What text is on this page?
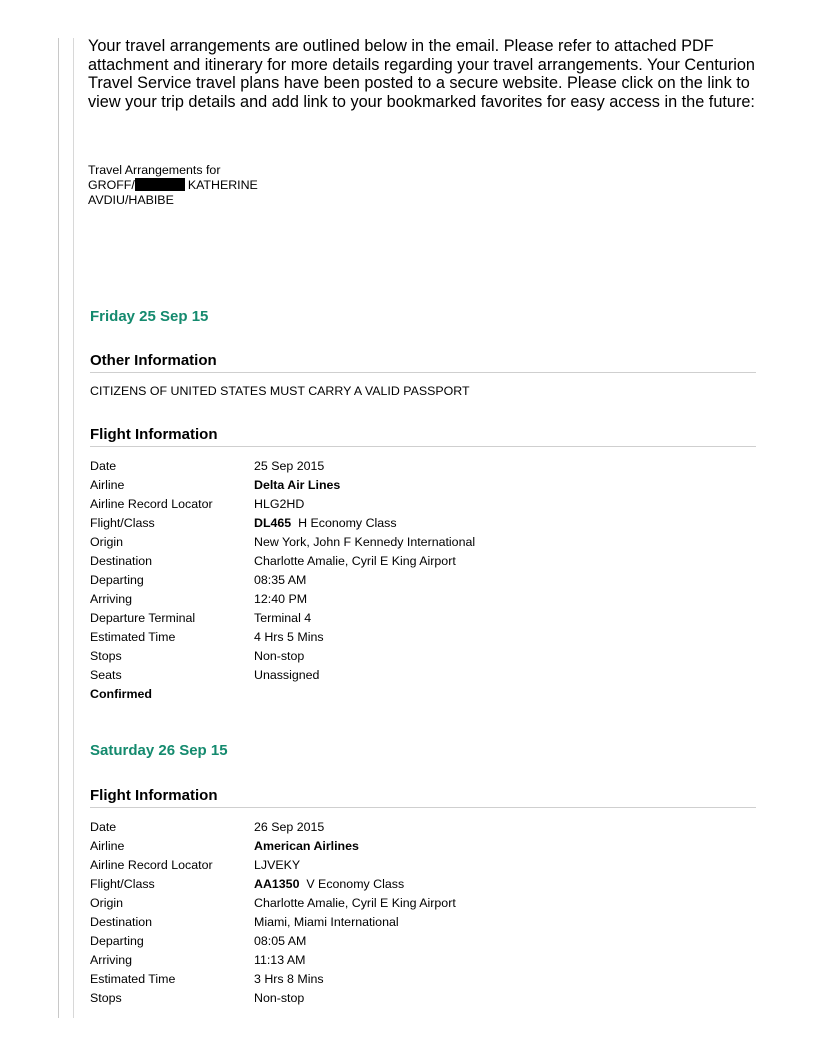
Your travel arrangements are outlined below in the email. Please refer to attached PDF attachment and itinerary for more details regarding your travel arrangements. Your Centurion Travel Service travel plans have been posted to a secure website. Please click on the link to view your trip details and add link to your bookmarked favorites for easy access in the future:
Travel Arrangements for
GROFF/	KATHERINE
AVDIU/HABIBE
Friday 25 Sep 15
Other Information
CITIZENS OF UNITED STATES MUST CARRY A VALID PASSPORT
Flight Information
Date	25 Sep 2015
Airline	Delta Air Lines
Airline Record Locator	HLG2HD
Flight/Class	DL465  H Economy Class
Origin	New York, John F Kennedy International
Destination	Charlotte Amalie, Cyril E King Airport
Departing	08:35 AM
Arriving	12:40 PM
Departure Terminal	Terminal 4
Estimated Time	4 Hrs 5 Mins
Stops	Non-stop
Seats	Unassigned
Confirmed
Saturday 26 Sep 15
Flight Information
Date	26 Sep 2015
Airline	American Airlines
Airline Record Locator	LJVEKY
Flight/Class	AA1350  V Economy Class
Origin	Charlotte Amalie, Cyril E King Airport
Destination	Miami, Miami International
Departing	08:05 AM
Arriving	11:13 AM
Estimated Time	3 Hrs 8 Mins
Stops	Non-stop
